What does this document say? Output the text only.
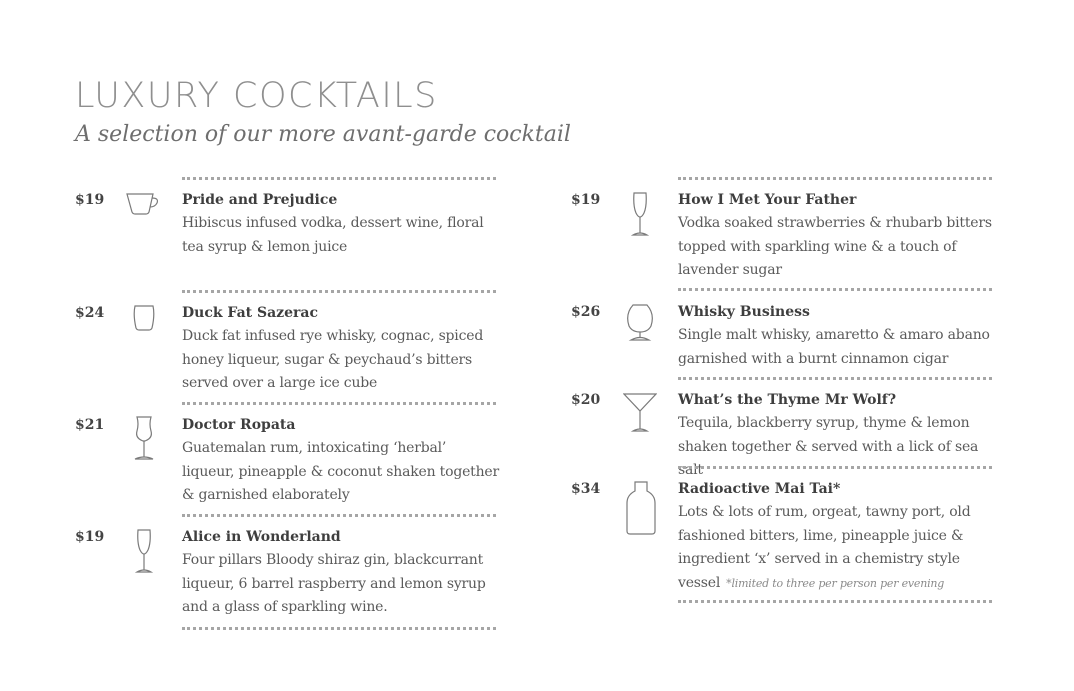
LUXURY COCKTAILS

A selection of our more avant-garde cocktail

$19	Pride and Prejudice
Hibiscus infused vodka, dessert wine, floral tea syrup & lemon juice
$24	Duck Fat Sazerac
Duck fat infused rye whisky, cognac, spiced honey liqueur, sugar & peychaud’s bitters served over a large ice cube
$21	Doctor Ropata
Guatemalan rum, intoxicating ‘herbal’ liqueur, pineapple & coconut shaken together & garnished elaborately
$19	Alice in Wonderland
Four pillars Bloody shiraz gin, blackcurrant liqueur, 6 barrel raspberry and lemon syrup and a glass of sparkling wine.
$19	How I Met Your Father
Vodka soaked strawberries & rhubarb bitters topped with sparkling wine & a touch of lavender sugar
$26	Whisky Business
Single malt whisky, amaretto & amaro abano garnished with a burnt cinnamon cigar
$20	What’s the Thyme Mr Wolf?
Tequila, blackberry syrup, thyme & lemon shaken together & served with a lick of sea salt
$34	Radioactive Mai Tai*
Lots & lots of rum, orgeat, tawny port, old fashioned bitters, lime, pineapple juice & ingredient ‘x’ served in a chemistry style vessel *limited to three per person per evening
